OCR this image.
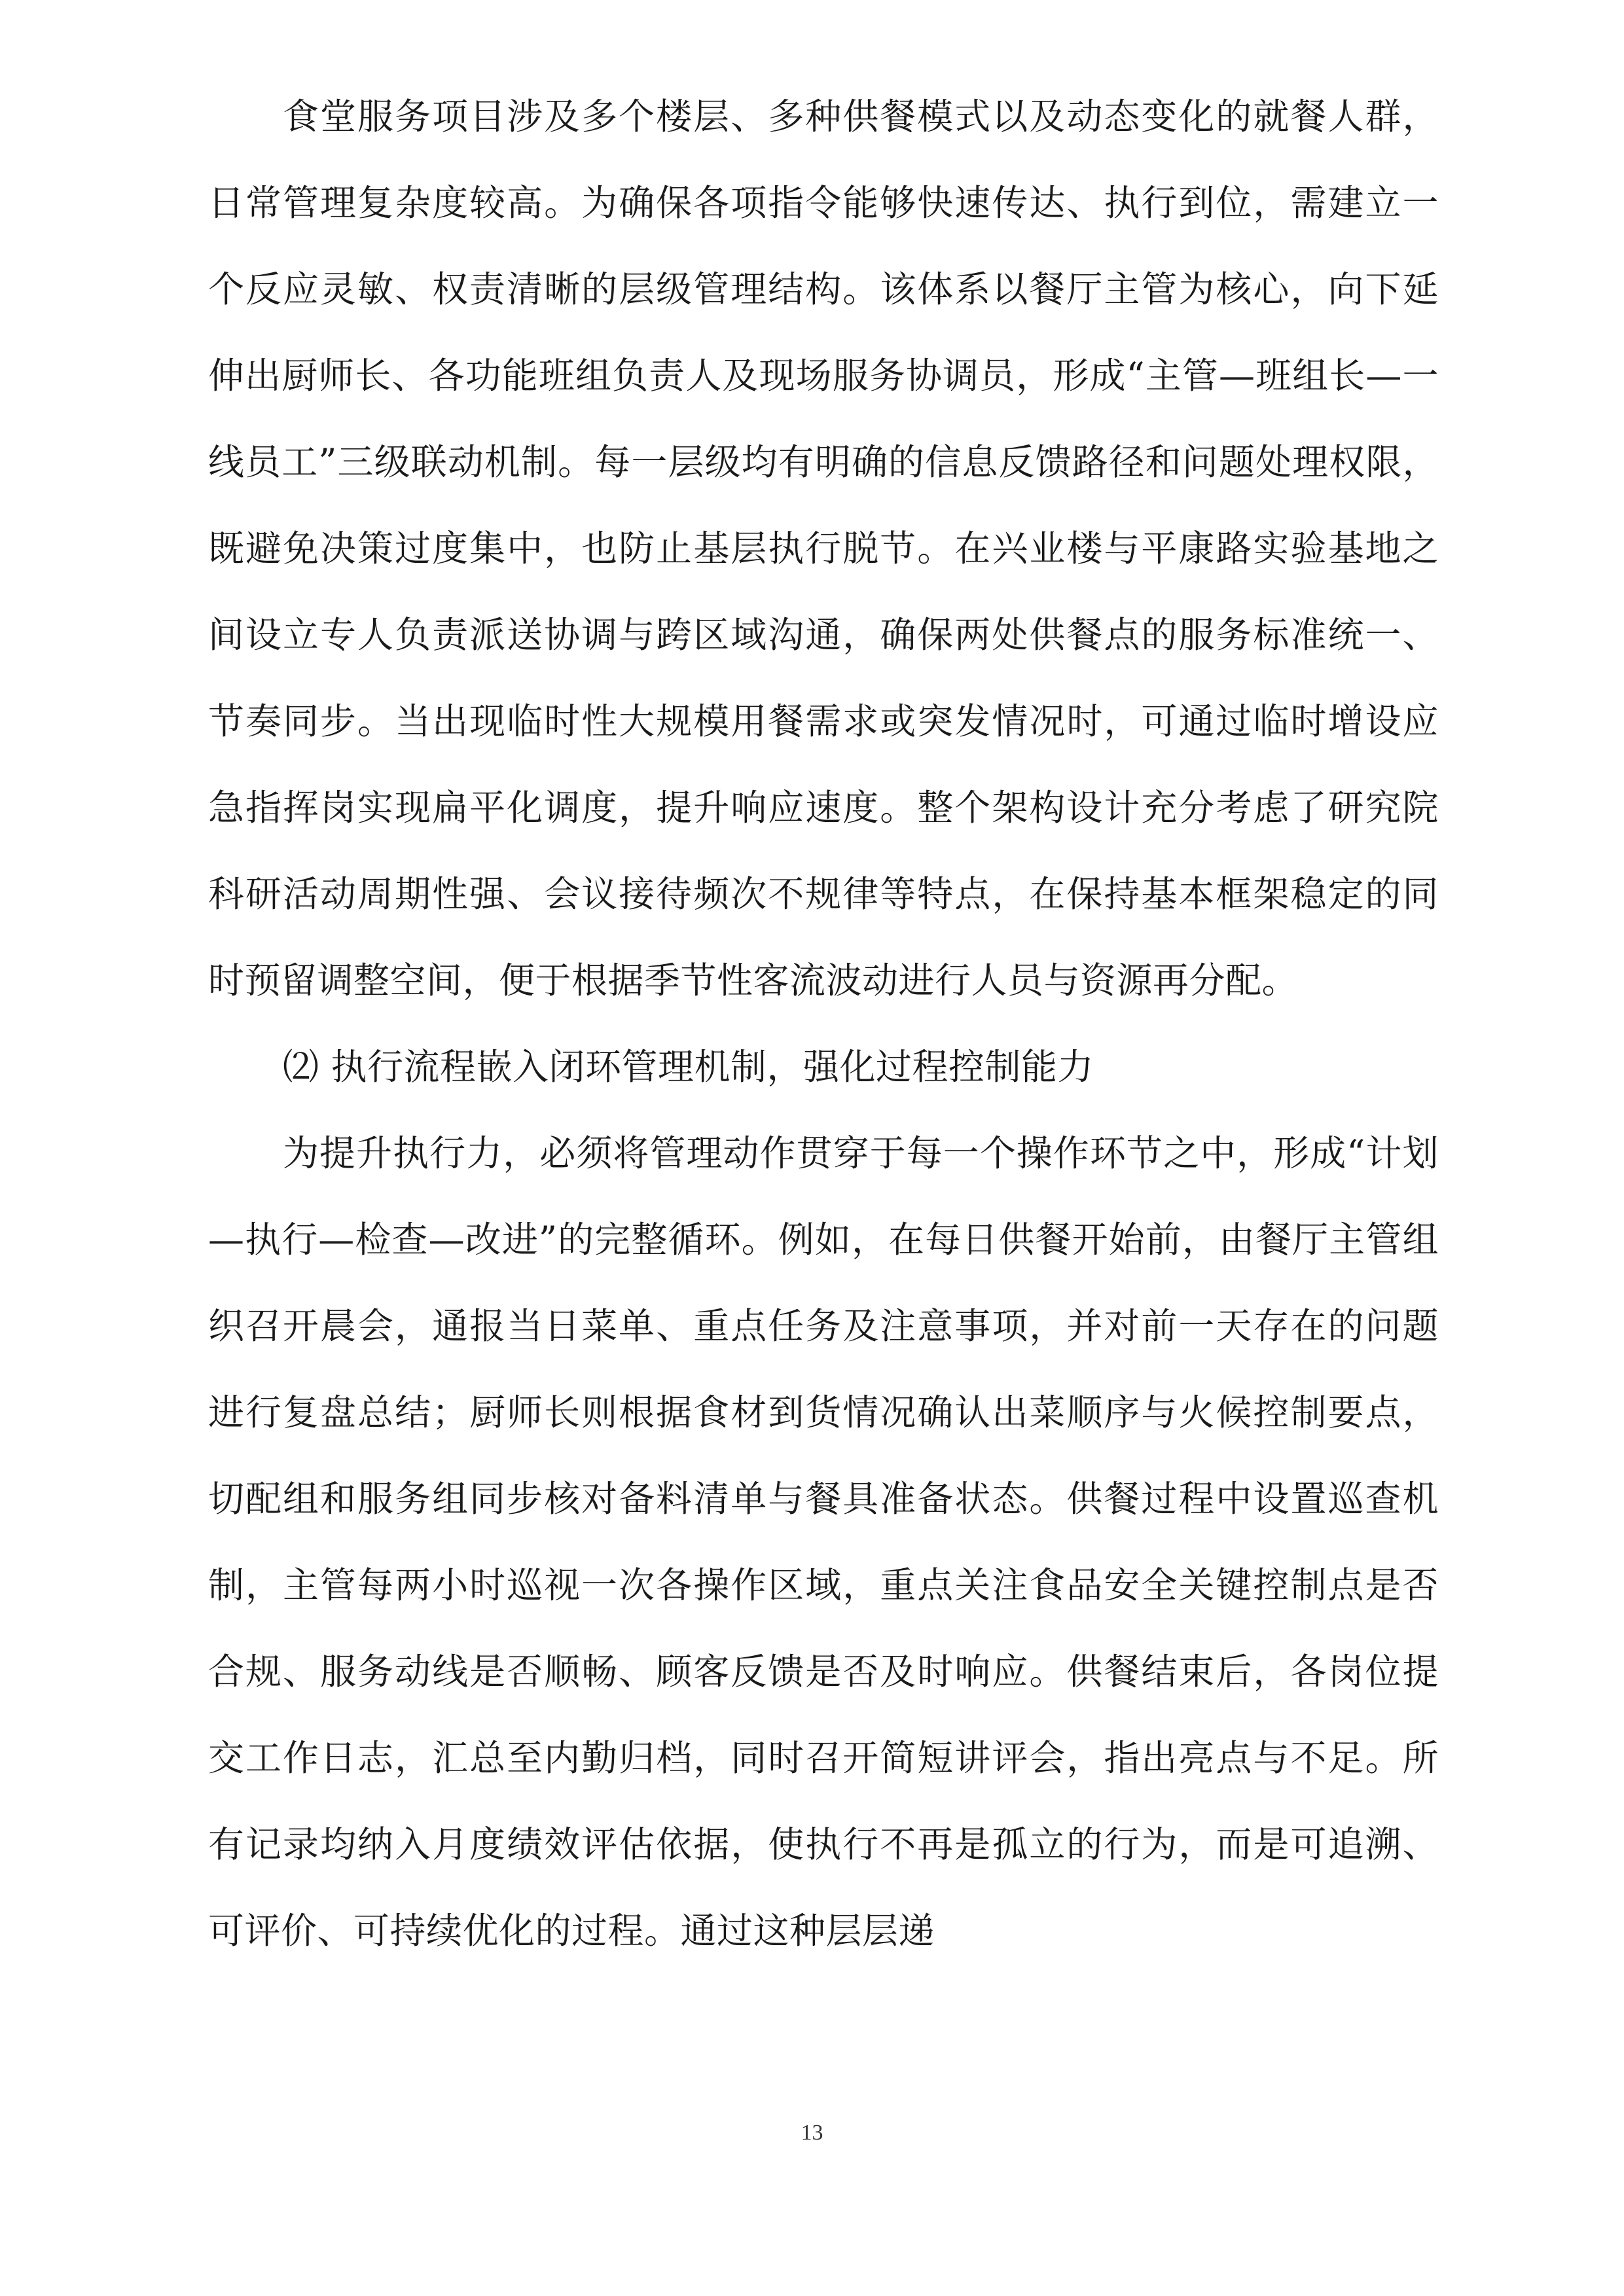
食堂服务项目涉及多个楼层、多种供餐模式以及动态变化的就餐人群，日常管理复杂度较高。为确保各项指令能够快速传达、执行到位，需建立一个反应灵敏、权责清晰的层级管理结构。该体系以餐厅主管为核心，向下延伸出厨师长、各功能班组负责人及现场服务协调员，形成“主管—班组长—一线员工”三级联动机制。每一层级均有明确的信息反馈路径和问题处理权限，既避免决策过度集中，也防止基层执行脱节。在兴业楼与平康路实验基地之间设立专人负责派送协调与跨区域沟通，确保两处供餐点的服务标准统一、节奏同步。当出现临时性大规模用餐需求或突发情况时，可通过临时增设应急指挥岗实现扁平化调度，提升响应速度。整个架构设计充分考虑了研究院科研活动周期性强、会议接待频次不规律等特点，在保持基本框架稳定的同时预留调整空间，便于根据季节性客流波动进行人员与资源再分配。

⑵ 执行流程嵌入闭环管理机制，强化过程控制能力

为提升执行力，必须将管理动作贯穿于每一个操作环节之中，形成“计划—执行—检查—改进”的完整循环。例如，在每日供餐开始前，由餐厅主管组织召开晨会，通报当日菜单、重点任务及注意事项，并对前一天存在的问题进行复盘总结；厨师长则根据食材到货情况确认出菜顺序与火候控制要点，切配组和服务组同步核对备料清单与餐具准备状态。供餐过程中设置巡查机制，主管每两小时巡视一次各操作区域，重点关注食品安全关键控制点是否合规、服务动线是否顺畅、顾客反馈是否及时响应。供餐结束后，各岗位提交工作日志，汇总至内勤归档，同时召开简短讲评会，指出亮点与不足。所有记录均纳入月度绩效评估依据，使执行不再是孤立的行为，而是可追溯、可评价、可持续优化的过程。通过这种层层递

13
